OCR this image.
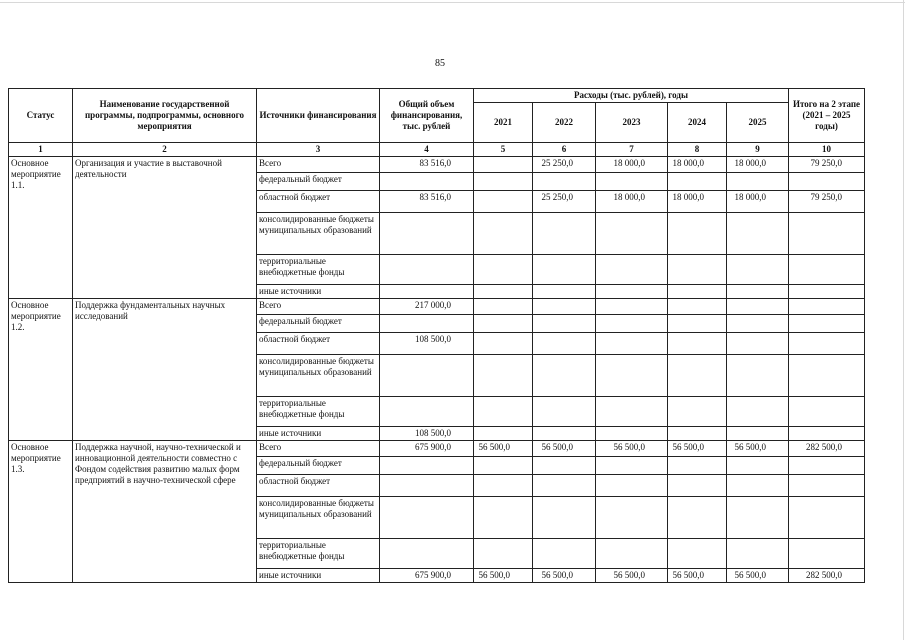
85
Статус	Наименование государственной программы, подпрограммы, основного мероприятия	Источники финансирования	Общий объем финансирования, тыс. рублей	Расходы (тыс. рублей), годы					Итого на 2 этапе (2021 – 2025 годы)
				2021	2022	2023	2024	2025	
1	2	3	4	5	6	7	8	9	10
Основное мероприятие 1.1.	Организация и участие в выставочной деятельности	Всего	83 516,0		25 250,0	18 000,0	18 000,0	18 000,0	79 250,0
		федеральный бюджет							
		областной бюджет	83 516,0		25 250,0	18 000,0	18 000,0	18 000,0	79 250,0
		консолидированные бюджеты муниципальных образований							
		территориальные внебюджетные фонды							
		иные источники							
Основное мероприятие 1.2.	Поддержка фундаментальных научных исследований	Всего	217 000,0						
		федеральный бюджет							
		областной бюджет	108 500,0						
		консолидированные бюджеты муниципальных образований							
		территориальные внебюджетные фонды							
		иные источники	108 500,0						
Основное мероприятие 1.3.	Поддержка научной, научно-технической и инновационной деятельности совместно с Фондом содействия развитию малых форм предприятий в научно-технической сфере	Всего	675 900,0	56 500,0	56 500,0	56 500,0	56 500,0	56 500,0	282 500,0
		федеральный бюджет							
		областной бюджет							
		консолидированные бюджеты муниципальных образований							
		территориальные внебюджетные фонды							
		иные источники	675 900,0	56 500,0	56 500,0	56 500,0	56 500,0	56 500,0	282 500,0
